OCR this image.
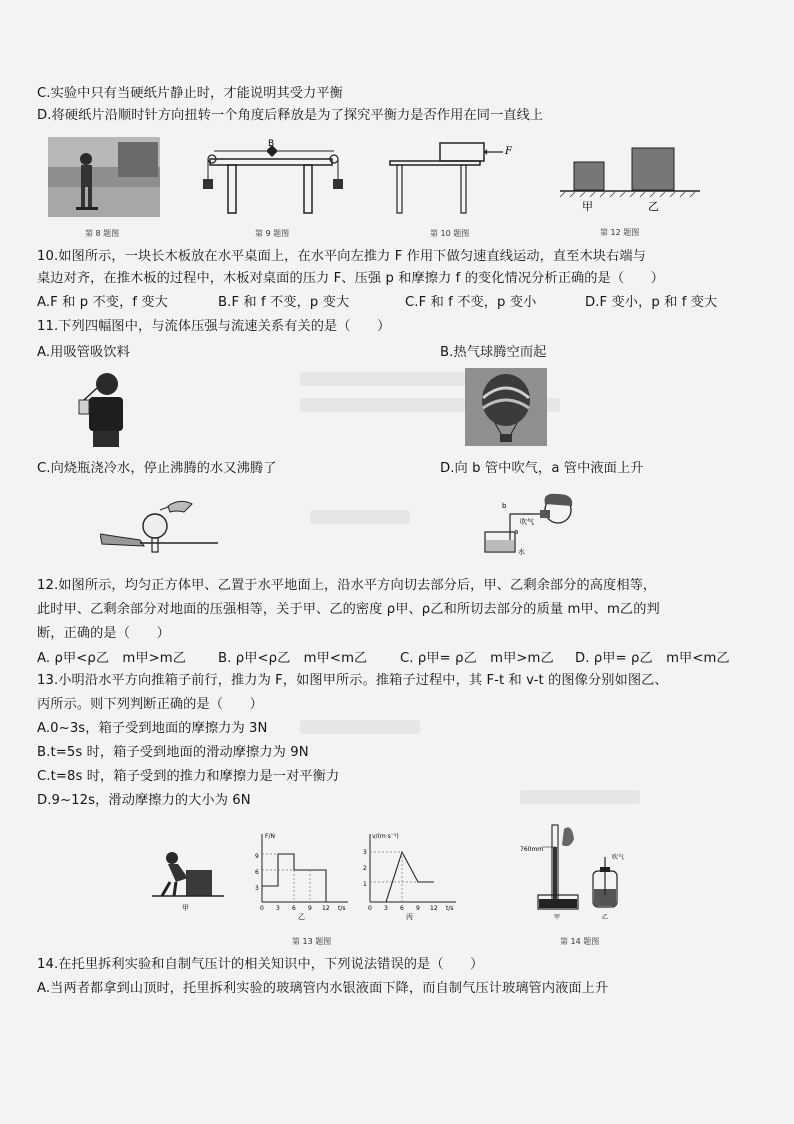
C.实验中只有当硬纸片静止时，才能说明其受力平衡
D.将硬纸片沿顺时针方向扭转一个角度后释放是为了探究平衡力是否作用在同一直线上
第 8 题图
B
第 9 题图
F
第 10 题图
甲	乙
第 12 题图
10.如图所示，一块长木板放在水平桌面上，在水平向左推力 F 作用下做匀速直线运动，直至木块右端与
桌边对齐，在推木板的过程中，木板对桌面的压力 F、压强 p 和摩擦力 f 的变化情况分析正确的是（　　）
A.F 和 p 不变，f 变大	B.F 和 f 不变，p 变大	C.F 和 f 不变，p 变小	D.F 变小，p 和 f 变大
11.下列四幅图中，与流体压强与流速关系有关的是（　　）
A.用吸管吸饮料	B.热气球腾空而起
C.向烧瓶浇冷水，停止沸腾的水又沸腾了	D.向 b 管中吹气，a 管中液面上升
b
吹气
a
水
12.如图所示，均匀正方体甲、乙置于水平地面上，沿水平方向切去部分后，甲、乙剩余部分的高度相等，
此时甲、乙剩余部分对地面的压强相等，关于甲、乙的密度 ρ甲、ρ乙和所切去部分的质量 m甲、m乙的判
断，正确的是（　　）
A. ρ甲<ρ乙　m甲>m乙 B. ρ甲<ρ乙　m甲<m乙 C. ρ甲= ρ乙　m甲>m乙 D. ρ甲= ρ乙　m甲<m乙
13.小明沿水平方向推箱子前行，推力为 F，如图甲所示。推箱子过程中，其 F-t 和 v-t 的图像分别如图乙、
丙所示。则下列判断正确的是（　　）
A.0~3s，箱子受到地面的摩擦力为 3N
B.t=5s 时，箱子受到地面的滑动摩擦力为 9N
C.t=8s 时，箱子受到的推力和摩擦力是一对平衡力
D.9~12s，滑动摩擦力的大小为 6N
甲
F/N
t/s
9
6
3
0 3 6 9 12
乙
v/(m·s⁻¹)
t/s
3
2
1
0 3 6 9 12
丙
第 13 题图
760mm
甲
吹气
乙
第 14 题图
14.在托里拆利实验和自制气压计的相关知识中，下列说法错误的是（　　）
A.当两者都拿到山顶时，托里拆利实验的玻璃管内水银液面下降，而自制气压计玻璃管内液面上升
